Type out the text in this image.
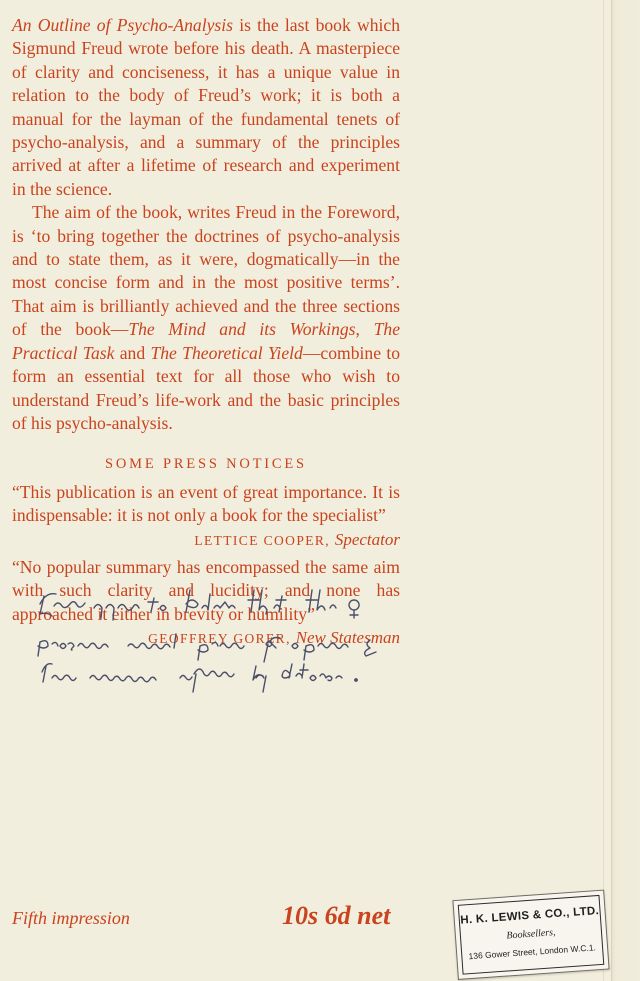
An Outline of Psycho-Analysis is the last book which Sigmund Freud wrote before his death. A masterpiece of clarity and conciseness, it has a unique value in relation to the body of Freud’s work; it is both a manual for the layman of the fundamental tenets of psycho-analysis, and a summary of the principles arrived at after a lifetime of research and experiment in the science.

The aim of the book, writes Freud in the Foreword, is ‘to bring together the doctrines of psycho-analysis and to state them, as it were, dogmatically—in the most concise form and in the most positive terms’. That aim is brilliantly achieved and the three sections of the book—The Mind and its Workings, The Practical Task and The Theoretical Yield—combine to form an essential text for all those who wish to understand Freud’s life-work and the basic principles of his psycho-analysis.

SOME PRESS NOTICES

“This publication is an event of great importance. It is indispensable: it is not only a book for the specialist”

LETTICE COOPER, Spectator

“No popular summary has encompassed the same aim with such clarity and lucidity; and none has approached it either in brevity or humility”

GEOFFREY GORER, New Statesman

Fifth impression	10s 6d net	H. K. LEWIS & CO., LTD.
Booksellers,
136 Gower Street, London W.C.1.
